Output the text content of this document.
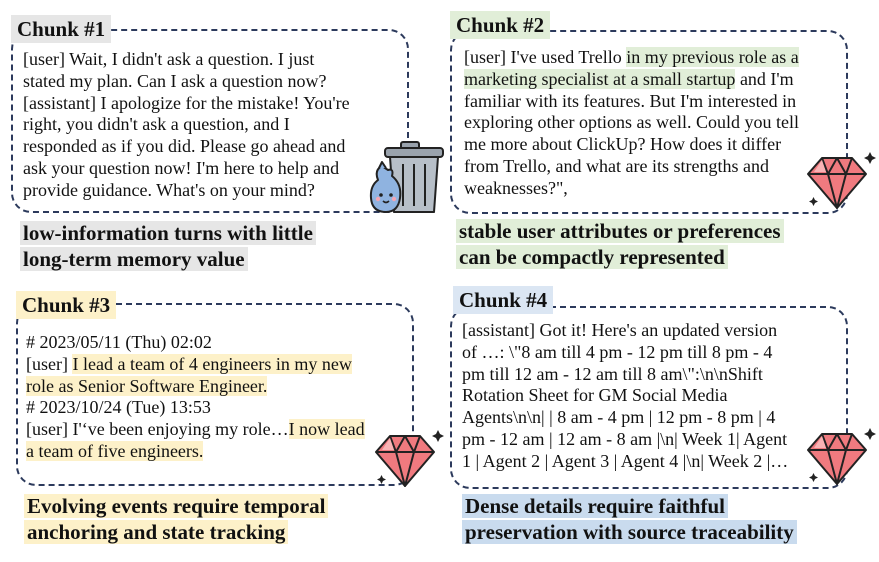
Chunk #1
[user] Wait, I didn't ask a question. I just
stated my plan. Can I ask a question now?
[assistant] I apologize for the mistake! You're
right, you didn't ask a question, and I
responded as if you did. Please go ahead and
ask your question now! I'm here to help and
provide guidance. What's on your mind?
low-information turns with little
long-term memory value
Chunk #2
[user] I've used Trello in my previous role as a
marketing specialist at a small startup and I'm
familiar with its features. But I'm interested in
exploring other options as well. Could you tell
me more about ClickUp? How does it differ
from Trello, and what are its strengths and
weaknesses?",
stable user attributes or preferences
can be compactly represented
Chunk #3
# 2023/05/11 (Thu) 02:02
[user] I lead a team of 4 engineers in my new
role as Senior Software Engineer.
# 2023/10/24 (Tue) 13:53
[user] I'‘ve been enjoying my role…I now lead
a team of five engineers.
Evolving events require temporal
anchoring and state tracking
Chunk #4
[assistant] Got it! Here's an updated version
of …: \"8 am till 4 pm - 12 pm till 8 pm - 4
pm till 12 am - 12 am till 8 am\":\n\nShift
Rotation Sheet for GM Social Media
Agents\n\n| | 8 am - 4 pm | 12 pm - 8 pm | 4
pm - 12 am | 12 am - 8 am |\n| Week 1| Agent
1 | Agent 2 | Agent 3 | Agent 4 |\n| Week 2 |…
Dense details require faithful
preservation with source traceability
